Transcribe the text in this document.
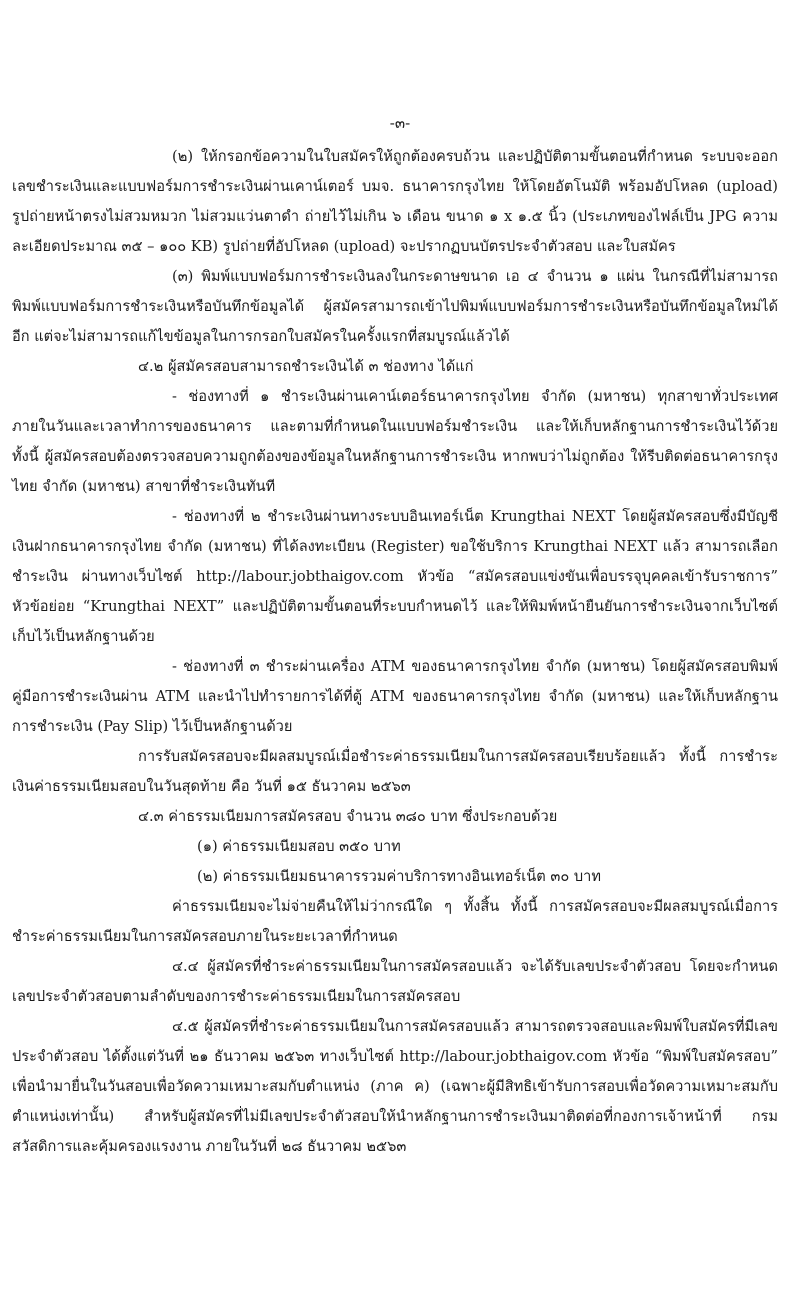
-๓-

(๒) ให้กรอกข้อความในใบสมัครให้ถูกต้องครบถ้วน และปฏิบัติตามขั้นตอนที่กำหนด ระบบจะออกเลขชำระเงินและแบบฟอร์มการชำระเงินผ่านเคาน์เตอร์ บมจ. ธนาคารกรุงไทย ให้โดยอัตโนมัติ พร้อมอัปโหลด (upload) รูปถ่ายหน้าตรงไม่สวมหมวก ไม่สวมแว่นตาดำ ถ่ายไว้ไม่เกิน ๖ เดือน ขนาด ๑ x ๑.๕ นิ้ว (ประเภทของไฟล์เป็น JPG ความละเอียดประมาณ ๓๕ – ๑๐๐ KB) รูปถ่ายที่อัปโหลด (upload) จะปรากฏบนบัตรประจำตัวสอบ และใบสมัคร

(๓) พิมพ์แบบฟอร์มการชำระเงินลงในกระดาษขนาด เอ ๔ จำนวน ๑ แผ่น ในกรณีที่ไม่สามารถพิมพ์แบบฟอร์มการชำระเงินหรือบันทึกข้อมูลได้ ผู้สมัครสามารถเข้าไปพิมพ์แบบฟอร์มการชำระเงินหรือบันทึกข้อมูลใหม่ได้อีก แต่จะไม่สามารถแก้ไขข้อมูลในการกรอกใบสมัครในครั้งแรกที่สมบูรณ์แล้วได้

๔.๒ ผู้สมัครสอบสามารถชำระเงินได้ ๓ ช่องทาง ได้แก่

- ช่องทางที่ ๑ ชำระเงินผ่านเคาน์เตอร์ธนาคารกรุงไทย จำกัด (มหาชน) ทุกสาขาทั่วประเทศภายในวันและเวลาทำการของธนาคาร และตามที่กำหนดในแบบฟอร์มชำระเงิน และให้เก็บหลักฐานการชำระเงินไว้ด้วย ทั้งนี้ ผู้สมัครสอบต้องตรวจสอบความถูกต้องของข้อมูลในหลักฐานการชำระเงิน หากพบว่าไม่ถูกต้อง ให้รีบติดต่อธนาคารกรุงไทย จำกัด (มหาชน) สาขาที่ชำระเงินทันที

- ช่องทางที่ ๒ ชำระเงินผ่านทางระบบอินเทอร์เน็ต Krungthai NEXT โดยผู้สมัครสอบซึ่งมีบัญชีเงินฝากธนาคารกรุงไทย จำกัด (มหาชน) ที่ได้ลงทะเบียน (Register) ขอใช้บริการ Krungthai NEXT แล้ว สามารถเลือกชำระเงิน ผ่านทางเว็บไซต์ http://labour.jobthaigov.com หัวข้อ “สมัครสอบแข่งขันเพื่อบรรจุบุคคลเข้ารับราชการ” หัวข้อย่อย “Krungthai NEXT” และปฏิบัติตามขั้นตอนที่ระบบกำหนดไว้ และให้พิมพ์หน้ายืนยันการชำระเงินจากเว็บไซต์เก็บไว้เป็นหลักฐานด้วย

- ช่องทางที่ ๓ ชำระผ่านเครื่อง ATM ของธนาคารกรุงไทย จำกัด (มหาชน) โดยผู้สมัครสอบพิมพ์คู่มือการชำระเงินผ่าน ATM และนำไปทำรายการได้ที่ตู้ ATM ของธนาคารกรุงไทย จำกัด (มหาชน) และให้เก็บหลักฐานการชำระเงิน (Pay Slip) ไว้เป็นหลักฐานด้วย

การรับสมัครสอบจะมีผลสมบูรณ์เมื่อชำระค่าธรรมเนียมในการสมัครสอบเรียบร้อยแล้ว ทั้งนี้ การชำระเงินค่าธรรมเนียมสอบในวันสุดท้าย คือ วันที่ ๑๕ ธันวาคม ๒๕๖๓

๔.๓ ค่าธรรมเนียมการสมัครสอบ จำนวน ๓๘๐ บาท ซึ่งประกอบด้วย

(๑) ค่าธรรมเนียมสอบ ๓๕๐ บาท

(๒) ค่าธรรมเนียมธนาคารรวมค่าบริการทางอินเทอร์เน็ต ๓๐ บาท

ค่าธรรมเนียมจะไม่จ่ายคืนให้ไม่ว่ากรณีใด ๆ ทั้งสิ้น ทั้งนี้ การสมัครสอบจะมีผลสมบูรณ์เมื่อการชำระค่าธรรมเนียมในการสมัครสอบภายในระยะเวลาที่กำหนด

๔.๔ ผู้สมัครที่ชำระค่าธรรมเนียมในการสมัครสอบแล้ว จะได้รับเลขประจำตัวสอบ โดยจะกำหนดเลขประจำตัวสอบตามลำดับของการชำระค่าธรรมเนียมในการสมัครสอบ

๔.๕ ผู้สมัครที่ชำระค่าธรรมเนียมในการสมัครสอบแล้ว สามารถตรวจสอบและพิมพ์ใบสมัครที่มีเลขประจำตัวสอบ ได้ตั้งแต่วันที่ ๒๑ ธันวาคม ๒๕๖๓ ทางเว็บไซต์ http://labour.jobthaigov.com หัวข้อ “พิมพ์ใบสมัครสอบ” เพื่อนำมายื่นในวันสอบเพื่อวัดความเหมาะสมกับตำแหน่ง (ภาค ค) (เฉพาะผู้มีสิทธิเข้ารับการสอบเพื่อวัดความเหมาะสมกับตำแหน่งเท่านั้น) สำหรับผู้สมัครที่ไม่มีเลขประจำตัวสอบให้นำหลักฐานการชำระเงินมาติดต่อที่กองการเจ้าหน้าที่ กรมสวัสดิการและคุ้มครองแรงงาน ภายในวันที่ ๒๘ ธันวาคม ๒๕๖๓
